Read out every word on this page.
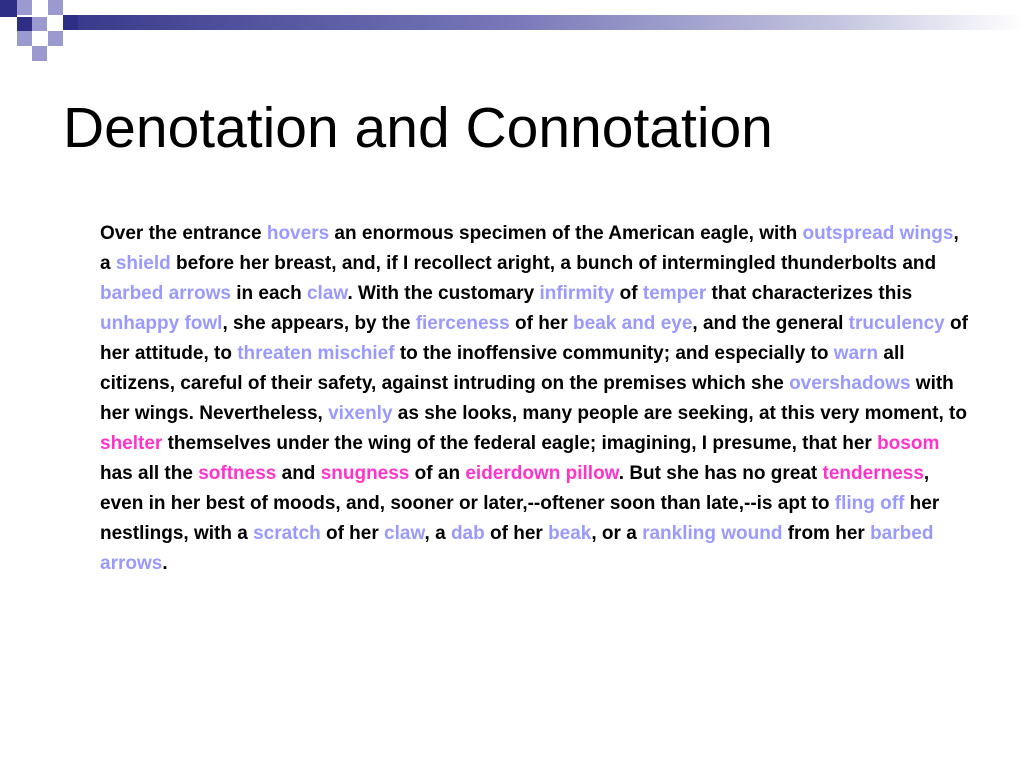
Denotation and Connotation

Over the entrance hovers an enormous specimen of the American eagle, with outspread wings, a shield before her breast, and, if I recollect aright, a bunch of intermingled thunderbolts and barbed arrows in each claw. With the customary infirmity of temper that characterizes this unhappy fowl, she appears, by the fierceness of her beak and eye, and the general truculency of her attitude, to threaten mischief to the inoffensive community; and especially to warn all citizens, careful of their safety, against intruding on the premises which she overshadows with her wings. Nevertheless, vixenly as she looks, many people are seeking, at this very moment, to shelter themselves under the wing of the federal eagle; imagining, I presume, that her bosom has all the softness and snugness of an eiderdown pillow. But she has no great tenderness, even in her best of moods, and, sooner or later,--oftener soon than late,--is apt to fling off her nestlings, with a scratch of her claw, a dab of her beak, or a rankling wound from her barbed arrows.
